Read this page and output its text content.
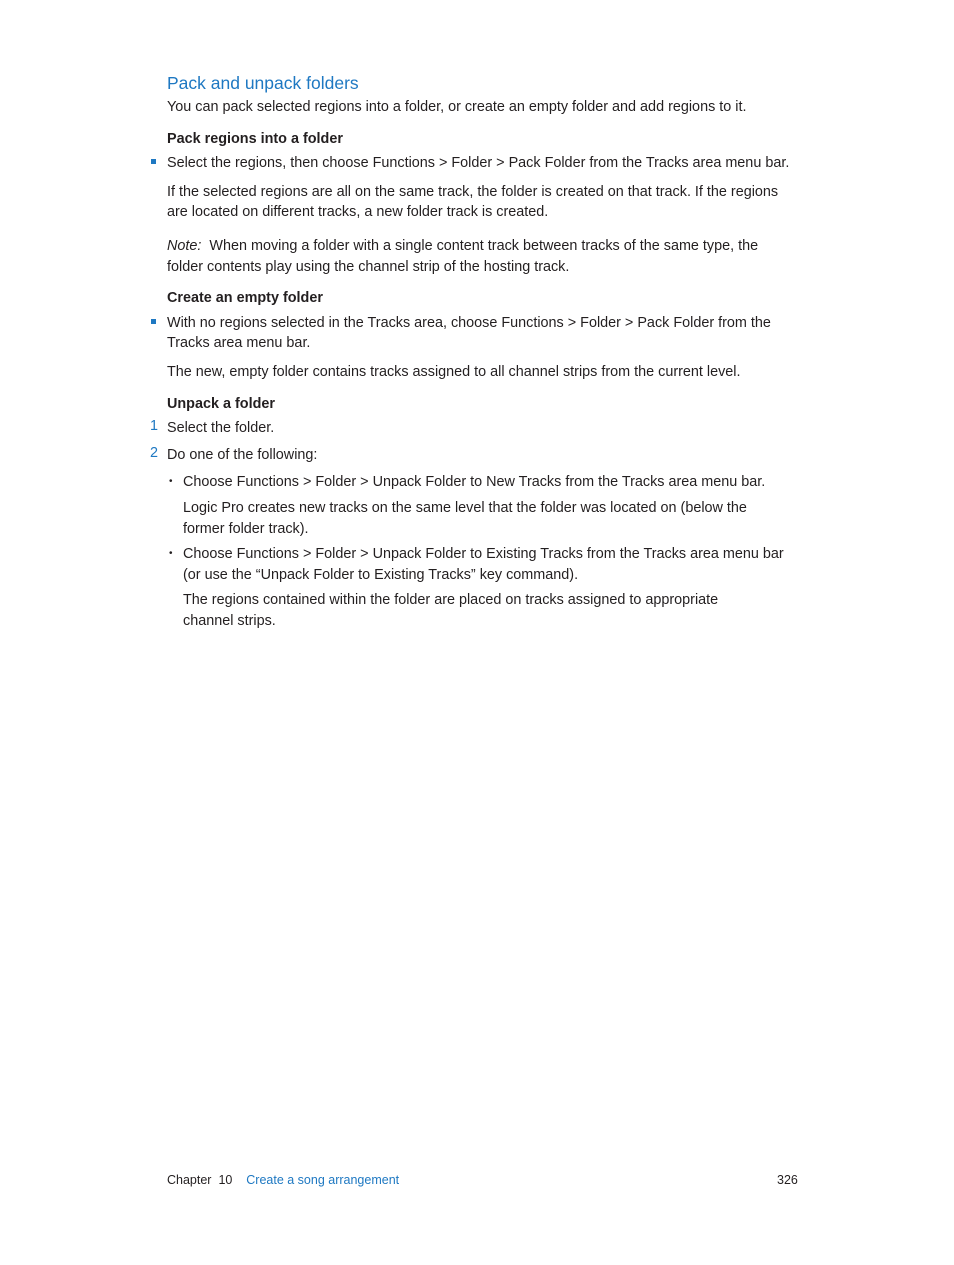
Pack and unpack folders
You can pack selected regions into a folder, or create an empty folder and add regions to it.
Pack regions into a folder
Select the regions, then choose Functions > Folder > Pack Folder from the Tracks area menu bar.
If the selected regions are all on the same track, the folder is created on that track. If the regions
are located on different tracks, a new folder track is created.
Note: When moving a folder with a single content track between tracks of the same type, the
folder contents play using the channel strip of the hosting track.
Create an empty folder
With no regions selected in the Tracks area, choose Functions > Folder > Pack Folder from the
Tracks area menu bar.
The new, empty folder contains tracks assigned to all channel strips from the current level.
Unpack a folder
1 Select the folder.
2 Do one of the following:
• Choose Functions > Folder > Unpack Folder to New Tracks from the Tracks area menu bar.
Logic Pro creates new tracks on the same level that the folder was located on (below the
former folder track).
• Choose Functions > Folder > Unpack Folder to Existing Tracks from the Tracks area menu bar
(or use the “Unpack Folder to Existing Tracks” key command).
The regions contained within the folder are placed on tracks assigned to appropriate
channel strips.
Chapter 10 Create a song arrangement	326
